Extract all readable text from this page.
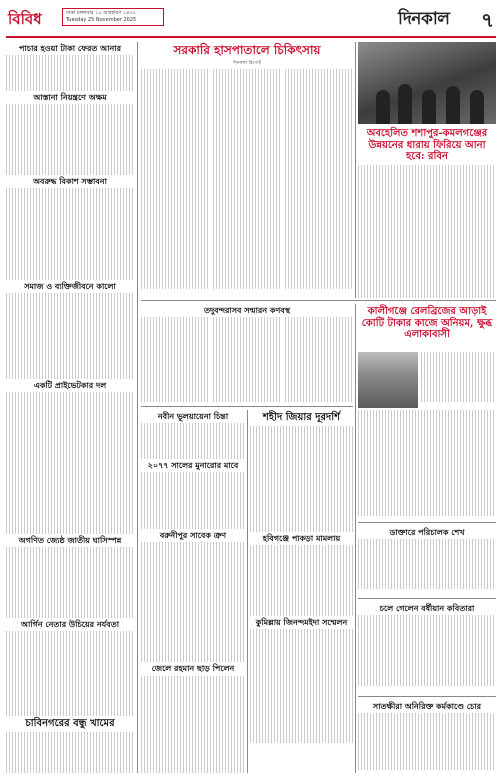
বিবিধ	ঢাকা মঙ্গলবার ১০ অগ্রহায়ণ ১৪৩২
Tuesday 25 November 2025	দিনকাল	৭
পাচার হওয়া টাকা ফেরত আনার
আস্তানা নিয়ন্ত্রণে অক্ষম
অবরুদ্ধ বিকাশ সম্ভাবনা
সমাজ ও ব্যক্তিজীবনে কালো
একটি প্রাইভেটকার দল
অগণিত জ্যেষ্ঠ জাতীয় ঘাসিস্পন্ন
আর্গিন নেতার উচিয়ের নর্যবতা
চাবিনগরের বন্ধু খামের
সরকারি হাসপাতালে চিকিৎসায়
দিনকাল রিপোর্ট
অবহেলিত শশাপুর-কমলগঞ্জের উন্নয়নের ধারায় ফিরিয়ে আনা হবে: রবিন
কালীগঞ্জে রেলব্রিজের আড়াই কোটি টাকার কাজে অনিয়ম, ক্ষুব্ধ এলাকাবাসী
ডাক্তারে পরিচালক শেখ
চলে গেলেন বর্ষীয়ান কবিতারা
সাতক্ষীরা অনিরিক্ত কর্মকাণ্ডে চোর
তদুবন্দরাসব সন্মারন কণবস্থ
নবীন ভূলয়ায়েনা চিন্তা
২০৭৭ সালের মুনারোর মাবে
বরুনীপুর সাবেক ত্রুণ
জেলে রহমান ছাড় পিলেন
শহীদ জিয়ার দূরদর্শি
হবিগঞ্জে পাকড়া মামলায়
কুমিল্লায় জিনন্দমইদা সম্মেলন
